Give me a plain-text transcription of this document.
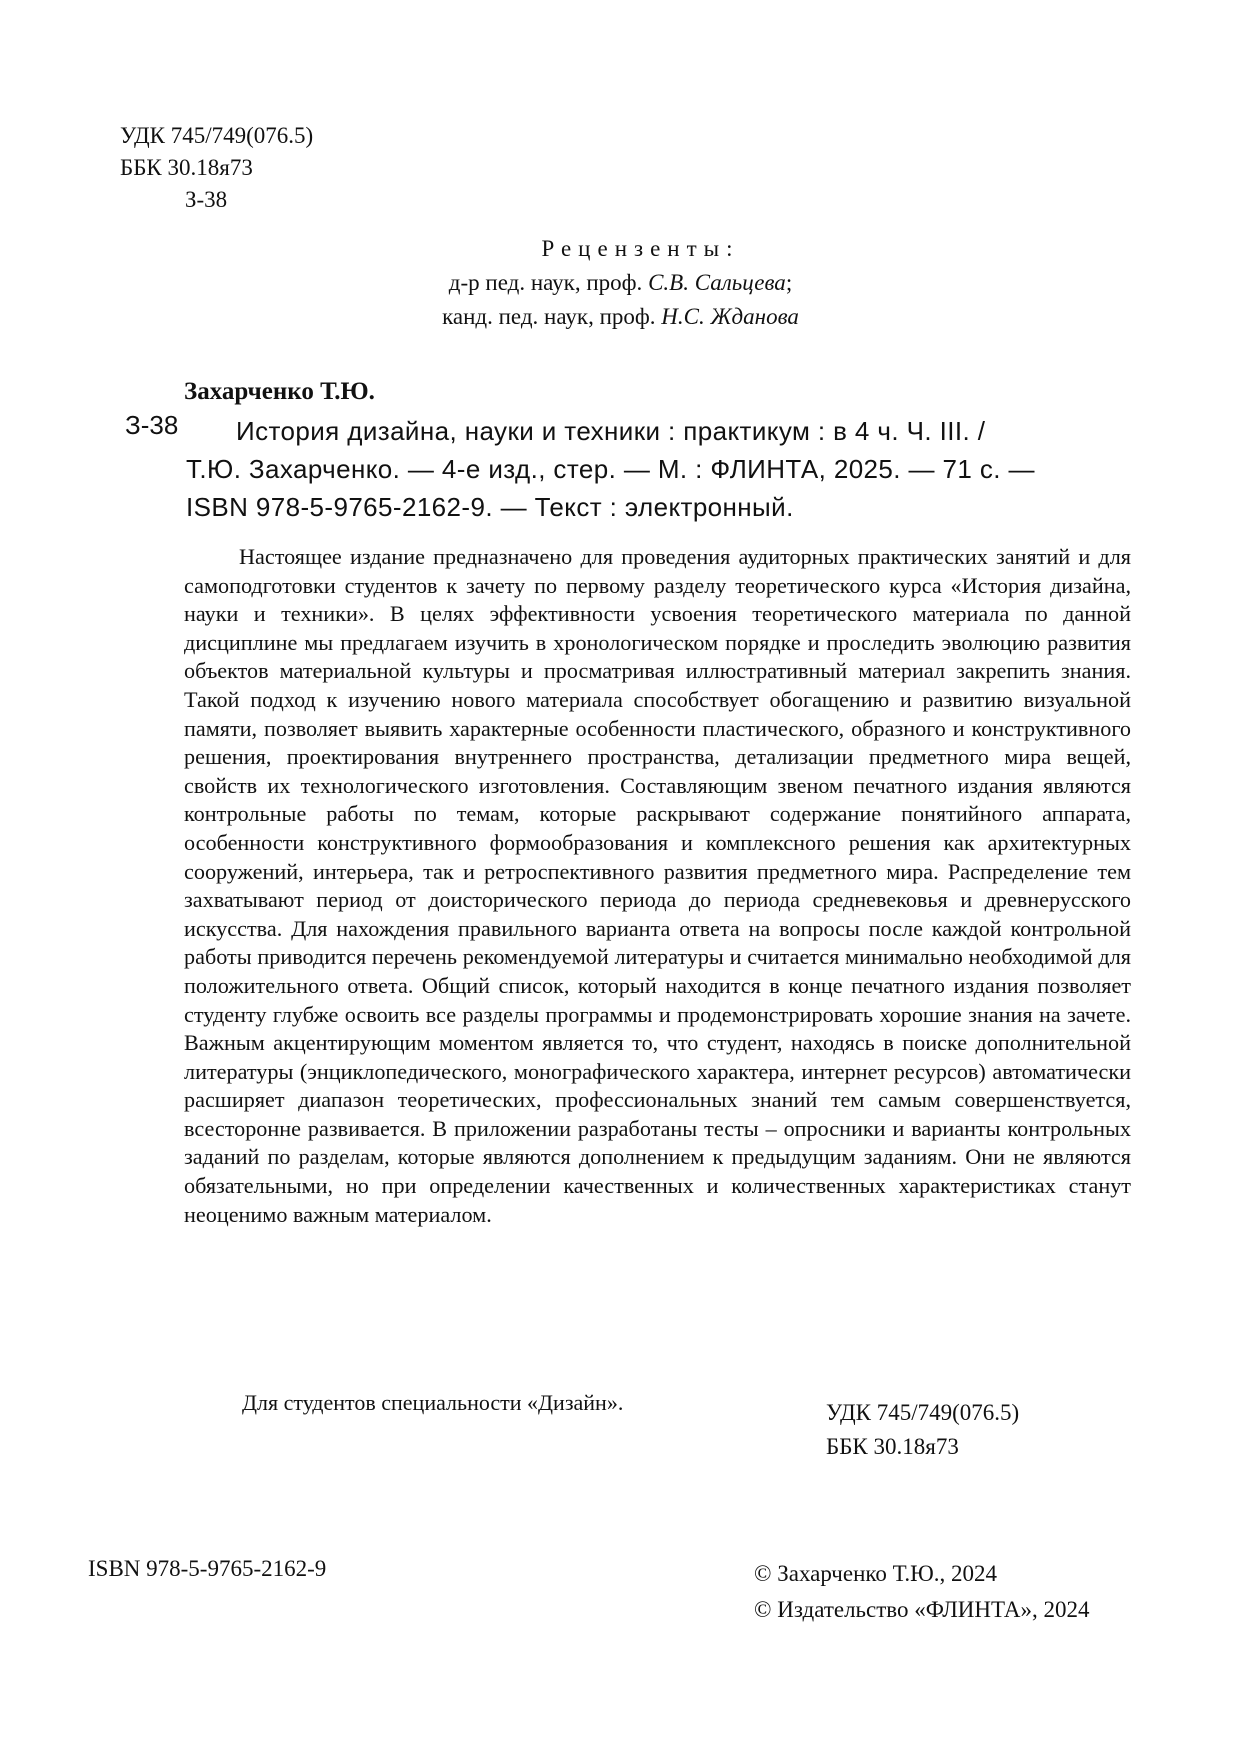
УДК 745/749(076.5)
ББК 30.18я73
З-38
Рецензенты:
д-р пед. наук, проф. С.В. Сальцева;
канд. пед. наук, проф. Н.С. Жданова
Захарченко Т.Ю.
З-38	История дизайна, науки и техники : практикум : в 4 ч. Ч. III. /
Т.Ю. Захарченко. — 4-е изд., стер. — М. : ФЛИНТА, 2025. — 71 с. —
ISBN 978-5-9765-2162-9. — Текст : электронный.
Настоящее издание предназначено для проведения аудиторных практических занятий и для самоподготовки студентов к зачету по первому разделу теоретического курса «История дизайна, науки и техники». В целях эффективности усвоения теоретического материала по данной дисциплине мы предлагаем изучить в хронологическом порядке и проследить эволюцию развития объектов материальной культуры и просматривая иллюстративный материал закрепить знания. Такой подход к изучению нового материала способствует обогащению и развитию визуальной памяти, позволяет выявить характерные особенности пластического, образного и конструктивного решения, проектирования внутреннего пространства, детализации предметного мира вещей, свойств их технологического изготовления. Составляющим звеном печатного издания являются контрольные работы по темам, которые раскрывают содержание понятийного аппарата, особенности конструктивного формообразования и комплексного решения как архитектурных сооружений, интерьера, так и ретроспективного развития предметного мира. Распределение тем захватывают период от доисторического периода до периода средневековья и древнерусского искусства. Для нахождения правильного варианта ответа на вопросы после каждой контрольной работы приводится перечень рекомендуемой литературы и считается минимально необходимой для положительного ответа. Общий список, который находится в конце печатного издания позволяет студенту глубже освоить все разделы программы и продемонстрировать хорошие знания на зачете. Важным акцентирующим моментом является то, что студент, находясь в поиске дополнительной литературы (энциклопедического, монографического характера, интернет ресурсов) автоматически расширяет диапазон теоретических, профессиональных знаний тем самым совершенствуется, всесторонне развивается. В приложении разработаны тесты – опросники и варианты контрольных заданий по разделам, которые являются дополнением к предыдущим заданиям. Они не являются обязательными, но при определении качественных и количественных характеристиках станут неоценимо важным материалом.
Для студентов специальности «Дизайн».	УДК 745/749(076.5)
ББК 30.18я73
ISBN 978-5-9765-2162-9	© Захарченко Т.Ю., 2024
© Издательство «ФЛИНТА», 2024
